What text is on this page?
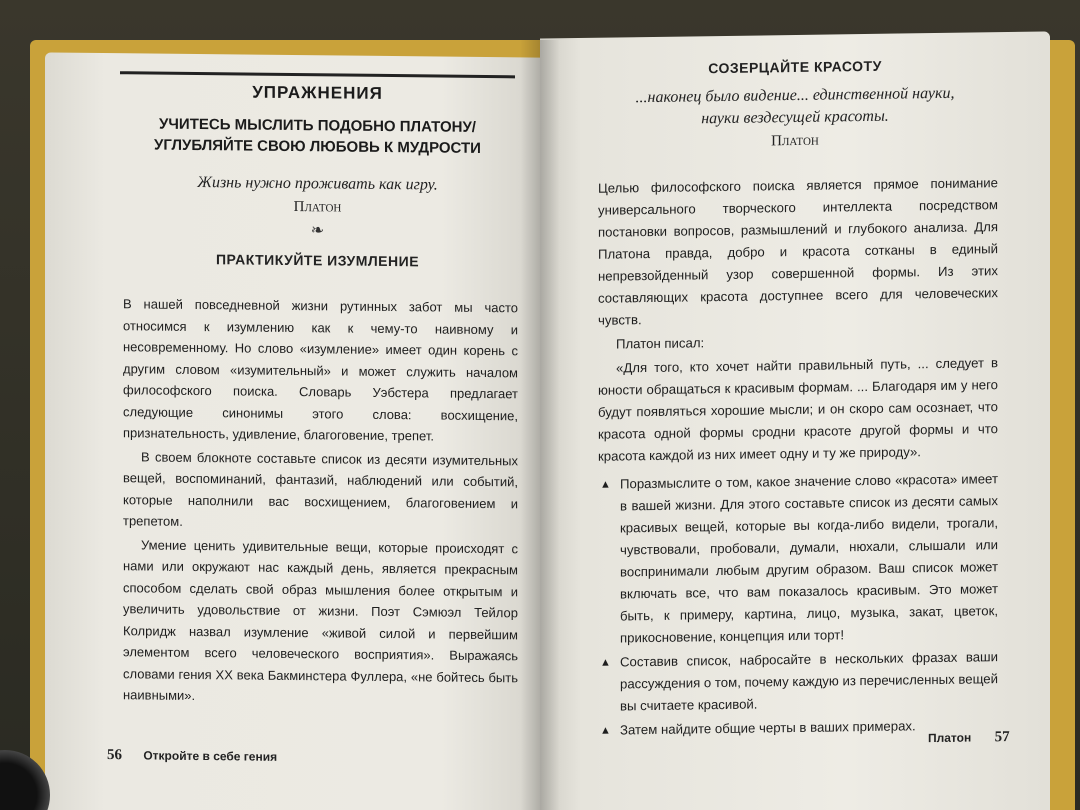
УПРАЖНЕНИЯ
УЧИТЕСЬ МЫСЛИТЬ ПОДОБНО ПЛАТОНУ/
УГЛУБЛЯЙТЕ СВОЮ ЛЮБОВЬ К МУДРОСТИ
Жизнь нужно проживать как игру.
Платон
❧
ПРАКТИКУЙТЕ ИЗУМЛЕНИЕ

В нашей повседневной жизни рутинных забот мы часто относимся к изумлению как к чему-то наивному и несовременному. Но слово «изумление» имеет один корень с другим словом «изумительный» и может служить началом философского поиска. Словарь Уэбстера предлагает следующие синонимы этого слова: восхищение, признательность, удивление, благоговение, трепет.

В своем блокноте составьте список из десяти изумительных вещей, воспоминаний, фантазий, наблюдений или событий, которые наполнили вас восхищением, благоговением и трепетом.

Умение ценить удивительные вещи, которые происходят с нами или окружают нас каждый день, является прекрасным способом сделать свой образ мышления более открытым и увеличить удовольствие от жизни. Поэт Сэмюэл Тейлор Колридж назвал изумление «живой силой и первейшим элементом всего человеческого восприятия». Выражаясь словами гения XX века Бакминстера Фуллера, «не бойтесь быть наивными».

56 Откройте в себе гения
СОЗЕРЦАЙТЕ КРАСОТУ
...наконец было видение... единственной науки,
науки вездесущей красоты.
Платон

Целью философского поиска является прямое понимание универсального творческого интеллекта посредством постановки вопросов, размышлений и глубокого анализа. Для Платона правда, добро и красота сотканы в единый непревзойденный узор совершенной формы. Из этих составляющих красота доступнее всего для человеческих чувств.

Платон писал:

«Для того, кто хочет найти правильный путь, ... следует в юности обращаться к красивым формам. ... Благодаря им у него будут появляться хорошие мысли; и он скоро сам осознает, что красота одной формы сродни красоте другой формы и что красота каждой из них имеет одну и ту же природу».

▲ Поразмыслите о том, какое значение слово «красота» имеет в вашей жизни. Для этого составьте список из десяти самых красивых вещей, которые вы когда-либо видели, трогали, чувствовали, пробовали, думали, нюхали, слышали или воспринимали любым другим образом. Ваш список может включать все, что вам показалось красивым. Это может быть, к примеру, картина, лицо, музыка, закат, цветок, прикосновение, концепция или торт!
▲ Составив список, набросайте в нескольких фразах ваши рассуждения о том, почему каждую из перечисленных вещей вы считаете красивой.
▲ Затем найдите общие черты в ваших примерах.
Платон 57
